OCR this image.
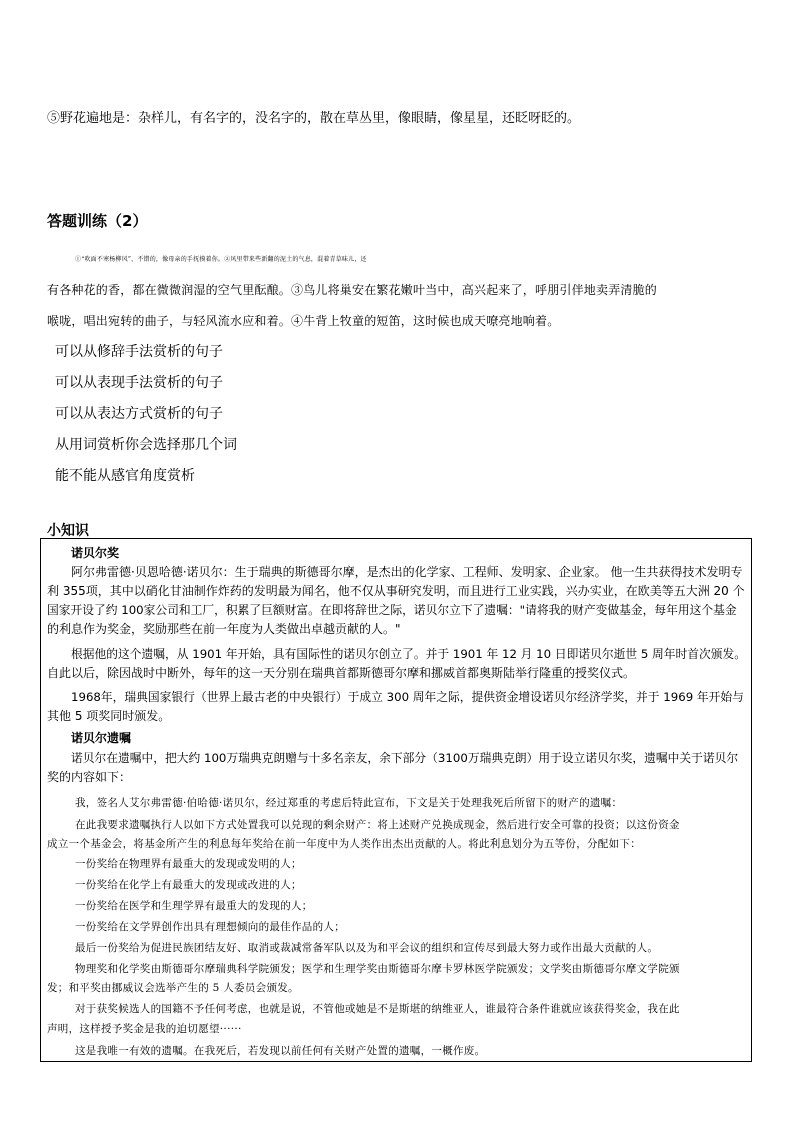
⑤野花遍地是：杂样儿，有名字的，没名字的，散在草丛里，像眼睛，像星星，还眨呀眨的。
答题训练（2）

①“吹面不寒杨柳风”，不错的，像母亲的手抚摸着你。②风里带来些新翻的泥土的气息，混着青草味儿，还

有各种花的香，都在微微润湿的空气里酝酿。③鸟儿将巢安在繁花嫩叶当中，高兴起来了，呼朋引伴地卖弄清脆的

喉咙，唱出宛转的曲子，与轻风流水应和着。④牛背上牧童的短笛，这时候也成天嘹亮地响着。

可以从修辞手法赏析的句子
可以从表现手法赏析的句子
可以从表达方式赏析的句子
从用词赏析你会选择那几个词
能不能从感官角度赏析
小知识
诺贝尔奖
阿尔弗雷德·贝恩哈德·诺贝尔：生于瑞典的斯德哥尔摩，是杰出的化学家、工程师、发明家、企业家。 他一生共获得技术发明专
利 355项，其中以硝化甘油制作炸药的发明最为闻名，他不仅从事研究发明，而且进行工业实践，兴办实业，在欧美等五大洲 20 个
国家开设了约 100家公司和工厂，积累了巨额财富。在即将辞世之际，诺贝尔立下了遗嘱："请将我的财产变做基金，每年用这个基金
的利息作为奖金，奖励那些在前一年度为人类做出卓越贡献的人。"
根据他的这个遗嘱，从 1901 年开始，具有国际性的诺贝尔创立了。并于 1901 年 12 月 10 日即诺贝尔逝世 5 周年时首次颁发。
自此以后，除因战时中断外，每年的这一天分别在瑞典首都斯德哥尔摩和挪威首都奥斯陆举行隆重的授奖仪式。
1968年，瑞典国家银行（世界上最古老的中央银行）于成立 300 周年之际，提供资金增设诺贝尔经济学奖，并于 1969 年开始与
其他 5 项奖同时颁发。
诺贝尔遗嘱
诺贝尔在遗嘱中，把大约 100万瑞典克朗赠与十多名亲友，余下部分（3100万瑞典克朗）用于设立诺贝尔奖，遗嘱中关于诺贝尔
奖的内容如下：
我，签名人艾尔弗雷德·伯哈德·诺贝尔，经过郑重的考虑后特此宣布，下文是关于处理我死后所留下的财产的遗嘱：
在此我要求遗嘱执行人以如下方式处置我可以兑现的剩余财产：将上述财产兑换成现金，然后进行安全可靠的投资；以这份资金
成立一个基金会，将基金所产生的利息每年奖给在前一年度中为人类作出杰出贡献的人。将此利息划分为五等份，分配如下：
一份奖给在物理界有最重大的发现或发明的人；
一份奖给在化学上有最重大的发现或改进的人；
一份奖给在医学和生理学界有最重大的发现的人；
一份奖给在文学界创作出具有理想倾向的最佳作品的人；
最后一份奖给为促进民族团结友好、取消或裁减常备军队以及为和平会议的组织和宣传尽到最大努力或作出最大贡献的人。
物理奖和化学奖由斯德哥尔摩瑞典科学院颁发；医学和生理学奖由斯德哥尔摩卡罗林医学院颁发；文学奖由斯德哥尔摩文学院颁
发；和平奖由挪威议会选举产生的 5 人委员会颁发。
对于获奖候选人的国籍不予任何考虑，也就是说，不管他或她是不是斯堪的纳维亚人，谁最符合条件谁就应该获得奖金，我在此
声明，这样授予奖金是我的迫切愿望······
这是我唯一有效的遗嘱。在我死后，若发现以前任何有关财产处置的遗嘱，一概作废。
